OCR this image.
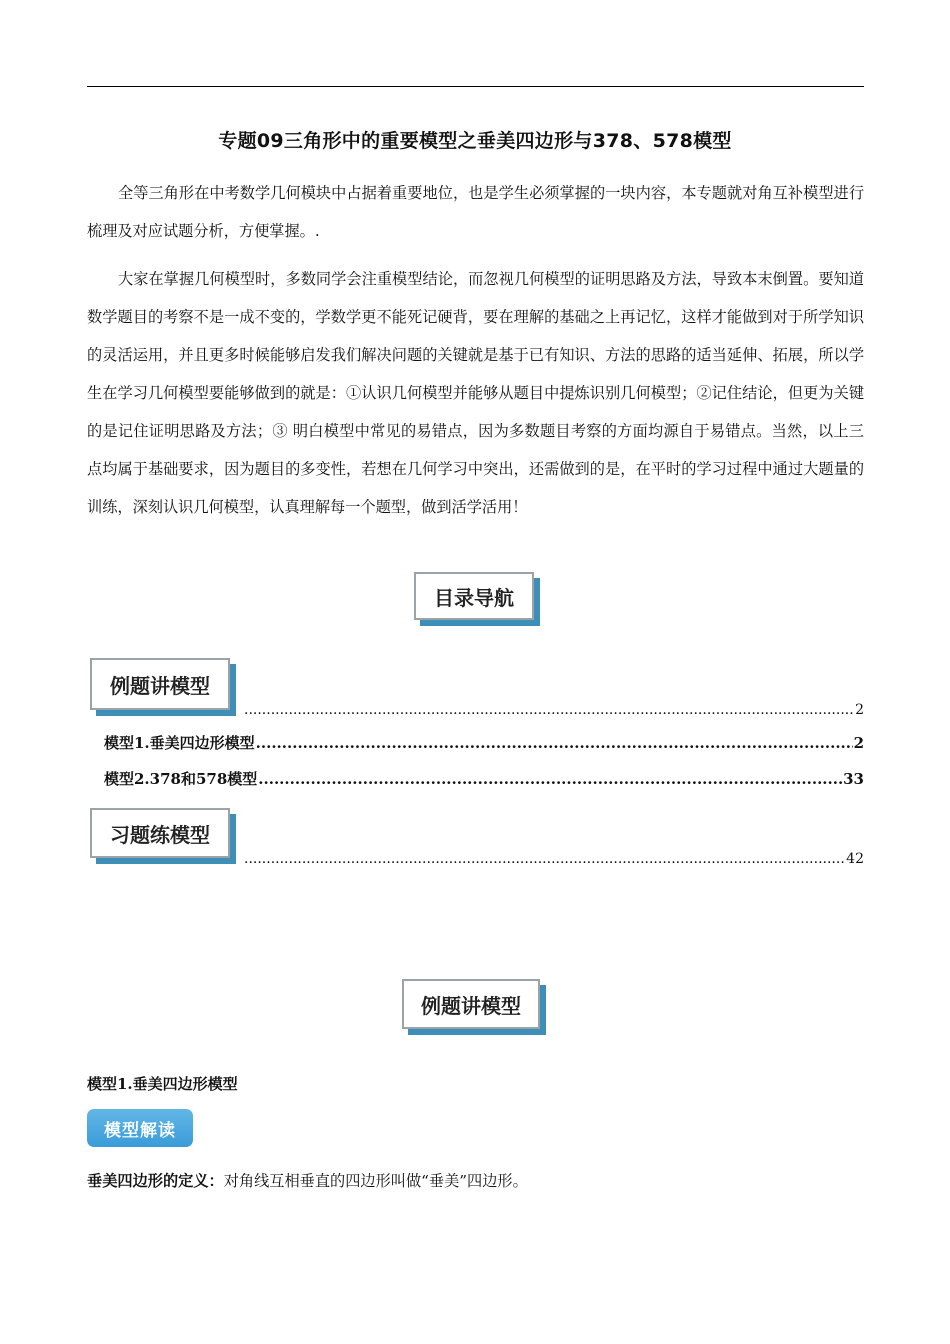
专题09三角形中的重要模型之垂美四边形与378、578模型

全等三角形在中考数学几何模块中占据着重要地位，也是学生必须掌握的一块内容，本专题就对角互补模型进行梳理及对应试题分析，方便掌握。.

大家在掌握几何模型时，多数同学会注重模型结论，而忽视几何模型的证明思路及方法，导致本末倒置。要知道数学题目的考察不是一成不变的，学数学更不能死记硬背，要在理解的基础之上再记忆，这样才能做到对于所学知识的灵活运用，并且更多时候能够启发我们解决问题的关键就是基于已有知识、方法的思路的适当延伸、拓展，所以学生在学习几何模型要能够做到的就是：①认识几何模型并能够从题目中提炼识别几何模型；②记住结论，但更为关键的是记住证明思路及方法；③ 明白模型中常见的易错点，因为多数题目考察的方面均源自于易错点。当然，以上三点均属于基础要求，因为题目的多变性，若想在几何学习中突出，还需做到的是，在平时的学习过程中通过大题量的训练，深刻认识几何模型，认真理解每一个题型，做到活学活用！

目录导航
例题讲模型
.....
2
模型1.垂美四边形模型 .....	2
模型2.378和578模型 .....	33
习题练模型
.....
42
例题讲模型
模型1.垂美四边形模型
模型解读
垂美四边形的定义：对角线互相垂直的四边形叫做“垂美”四边形。
